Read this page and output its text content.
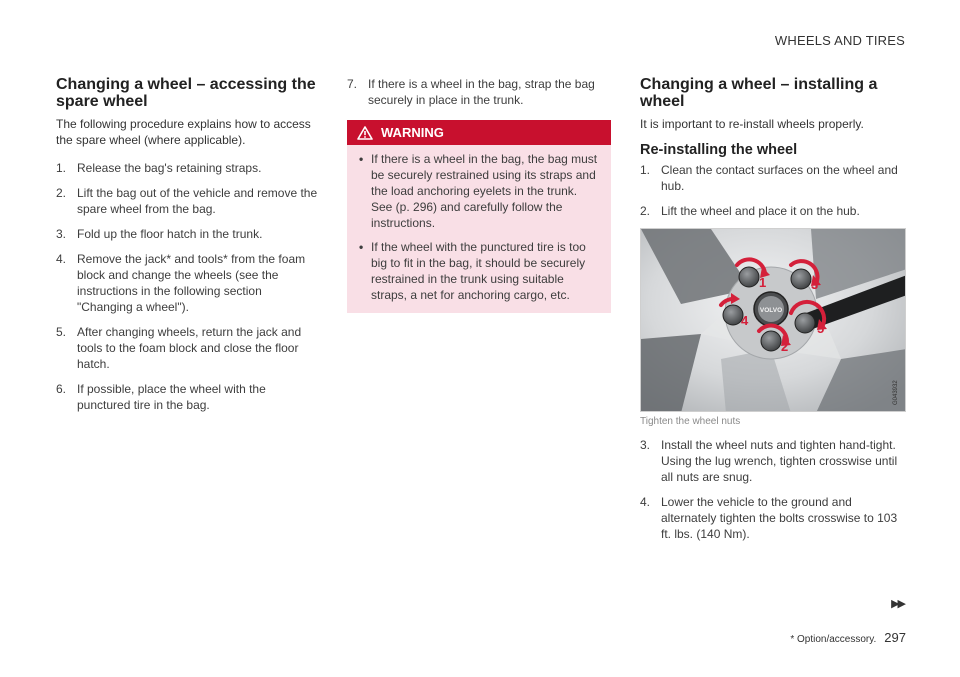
WHEELS AND TIRES
Changing a wheel – accessing the spare wheel

The following procedure explains how to access the spare wheel (where applicable).

1. Release the bag's retaining straps.
2. Lift the bag out of the vehicle and remove the spare wheel from the bag.
3. Fold up the floor hatch in the trunk.
4. Remove the jack* and tools* from the foam block and change the wheels (see the instructions in the following section "Changing a wheel").
5. After changing wheels, return the jack and tools to the foam block and close the floor hatch.
6. If possible, place the wheel with the punctured tire in the bag.
7. If there is a wheel in the bag, strap the bag securely in place in the trunk.
WARNING
• If there is a wheel in the bag, the bag must be securely restrained using its straps and the load anchoring eyelets in the trunk. See (p. 296) and carefully follow the instructions.
• If the wheel with the punctured tire is too big to fit in the bag, it should be securely restrained in the trunk using suitable straps, a net for anchoring cargo, etc.
Changing a wheel – installing a wheel

It is important to re-install wheels properly.

Re-installing the wheel
1. Clean the contact surfaces on the wheel and hub.
2. Lift the wheel and place it on the hub.
VOLVO
1
2
3
4
5
G043932
Tighten the wheel nuts
3. Install the wheel nuts and tighten hand-tight. Using the lug wrench, tighten crosswise until all nuts are snug.
4. Lower the vehicle to the ground and alternately tighten the bolts crosswise to 103 ft. lbs. (140 Nm).
▶▶
* Option/accessory. 297
